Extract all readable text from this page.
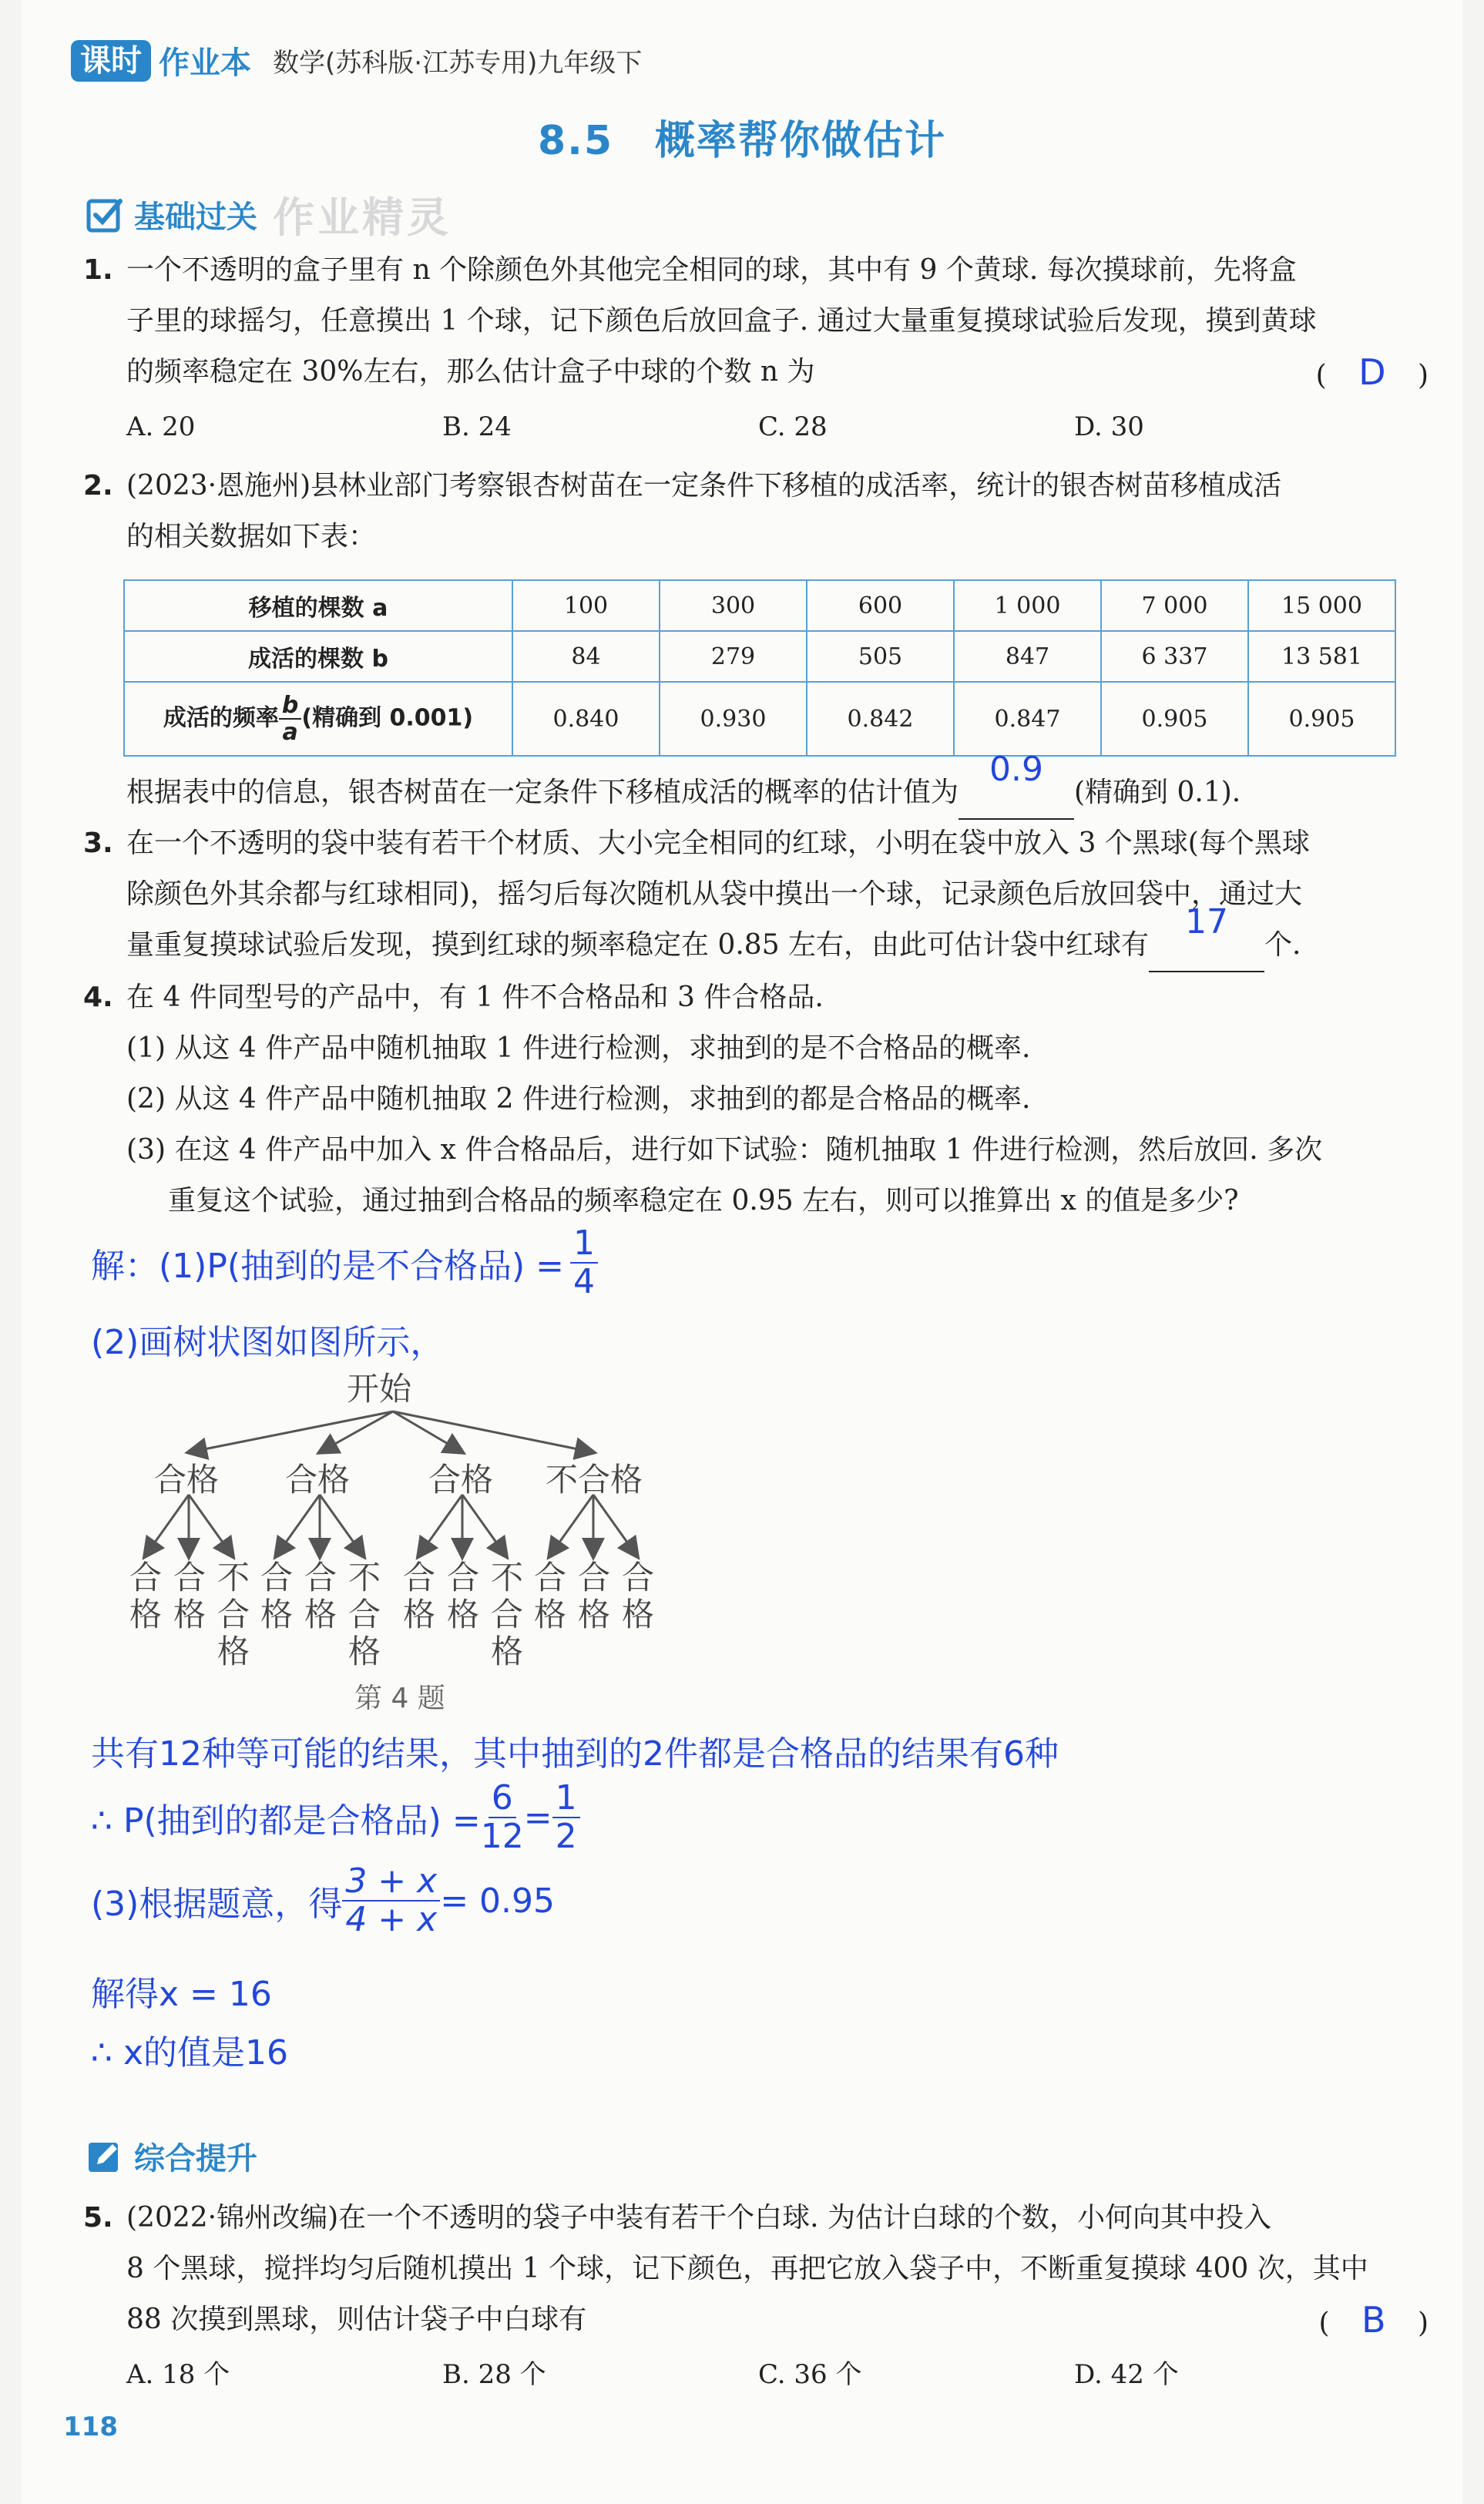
课时 作业本 数学(苏科版·江苏专用)九年级下
8.5　概率帮你做估计
基础过关 作业精灵
1. 一个不透明的盒子里有 n 个除颜色外其他完全相同的球，其中有 9 个黄球. 每次摸球前，先将盒
子里的球摇匀，任意摸出 1 个球，记下颜色后放回盒子. 通过大量重复摸球试验后发现，摸到黄球
的频率稳定在 30%左右，那么估计盒子中球的个数 n 为	( D )
A. 20	B. 24	C. 28	D. 30
2. (2023·恩施州)县林业部门考察银杏树苗在一定条件下移植的成活率，统计的银杏树苗移植成活
的相关数据如下表：
移植的棵数 a	100	300	600	1 000	7 000	15 000
成活的棵数 b	84	279	505	847	6 337	13 581
成活的频率 $\frac{b}{a}$ (精确到 0.001)	0.840	0.930	0.842	0.847	0.905	0.905
根据表中的信息，银杏树苗在一定条件下移植成活的概率的估计值为
0.9
(精确到 0.1).
3. 在一个不透明的袋中装有若干个材质、大小完全相同的红球，小明在袋中放入 3 个黑球(每个黑球
除颜色外其余都与红球相同)，摇匀后每次随机从袋中摸出一个球，记录颜色后放回袋中，通过大
量重复摸球试验后发现，摸到红球的频率稳定在 0.85 左右，由此可估计袋中红球有
17
个.
4. 在 4 件同型号的产品中，有 1 件不合格品和 3 件合格品.
(1) 从这 4 件产品中随机抽取 1 件进行检测，求抽到的是不合格品的概率.
(2) 从这 4 件产品中随机抽取 2 件进行检测，求抽到的都是合格品的概率.
(3) 在这 4 件产品中加入 x 件合格品后，进行如下试验：随机抽取 1 件进行检测，然后放回. 多次
重复这个试验，通过抽到合格品的频率稳定在 0.95 左右，则可以推算出 x 的值是多少?
解：(1)P(抽到的是不合格品) = $\frac{1}{4}$
(2)画树状图如图所示，
开始
合格 合格 合格 不合格
合格
合格
不合格
合格
合格
不合格
合格
合格
不合格
合格
合格
合格
第 4 题
共有12种等可能的结果，其中抽到的2件都是合格品的结果有6种
∴ P(抽到的都是合格品) = $\frac{6}{12} = \frac{1}{2}$
(3)根据题意，得 $\frac{3 + x}{4 + x} = 0.95$
解得x = 16
∴ x的值是16
综合提升
5. (2022·锦州改编)在一个不透明的袋子中装有若干个白球. 为估计白球的个数，小何向其中投入
8 个黑球，搅拌均匀后随机摸出 1 个球，记下颜色，再把它放入袋子中，不断重复摸球 400 次，其中
88 次摸到黑球，则估计袋子中白球有	( B )
A. 18 个	B. 28 个	C. 36 个	D. 42 个
118
